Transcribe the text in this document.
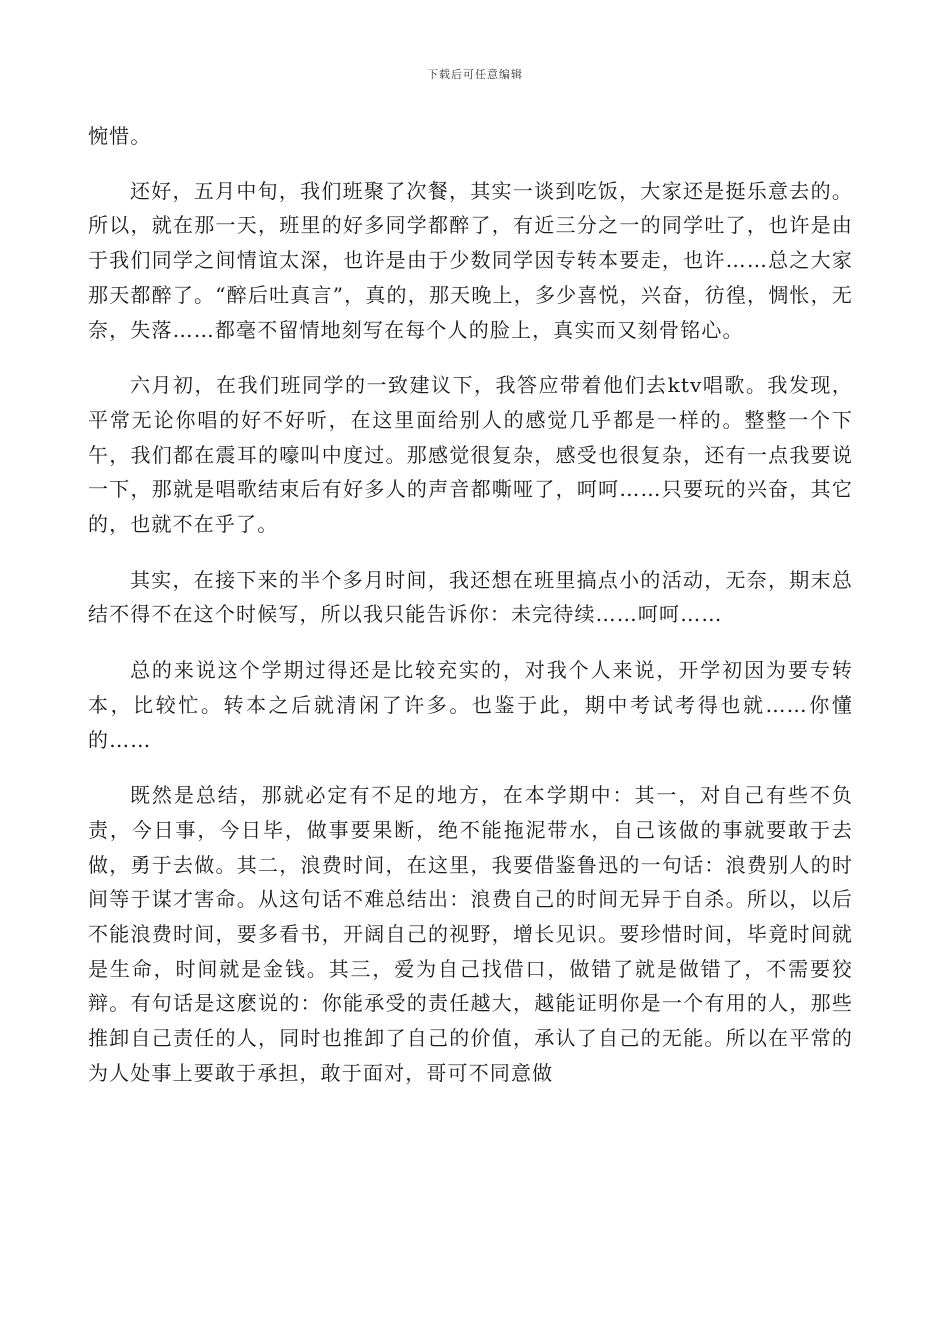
下载后可任意编辑

惋惜。

还好，五月中旬，我们班聚了次餐，其实一谈到吃饭，大家还是挺乐意去的。所以，就在那一天，班里的好多同学都醉了，有近三分之一的同学吐了，也许是由于我们同学之间情谊太深，也许是由于少数同学因专转本要走，也许……总之大家那天都醉了。“醉后吐真言”，真的，那天晚上，多少喜悦，兴奋，彷徨，惆怅，无奈，失落……都毫不留情地刻写在每个人的脸上，真实而又刻骨铭心。

六月初，在我们班同学的一致建议下，我答应带着他们去ktv唱歌。我发现，平常无论你唱的好不好听，在这里面给别人的感觉几乎都是一样的。整整一个下午，我们都在震耳的嚎叫中度过。那感觉很复杂，感受也很复杂，还有一点我要说一下，那就是唱歌结束后有好多人的声音都嘶哑了，呵呵……只要玩的兴奋，其它的，也就不在乎了。

其实，在接下来的半个多月时间，我还想在班里搞点小的活动，无奈，期末总结不得不在这个时候写，所以我只能告诉你：未完待续……呵呵……

总的来说这个学期过得还是比较充实的，对我个人来说，开学初因为要专转本，比较忙。转本之后就清闲了许多。也鉴于此，期中考试考得也就……你懂的……

既然是总结，那就必定有不足的地方，在本学期中：其一，对自己有些不负责，今日事，今日毕，做事要果断，绝不能拖泥带水，自己该做的事就要敢于去做，勇于去做。其二，浪费时间，在这里，我要借鉴鲁迅的一句话：浪费别人的时间等于谋才害命。从这句话不难总结出：浪费自己的时间无异于自杀。所以，以后不能浪费时间，要多看书，开阔自己的视野，增长见识。要珍惜时间，毕竟时间就是生命，时间就是金钱。其三，爱为自己找借口，做错了就是做错了，不需要狡辩。有句话是这麽说的：你能承受的责任越大，越能证明你是一个有用的人，那些推卸自己责任的人，同时也推卸了自己的价值，承认了自己的无能。所以在平常的为人处事上要敢于承担，敢于面对，哥可不同意做
